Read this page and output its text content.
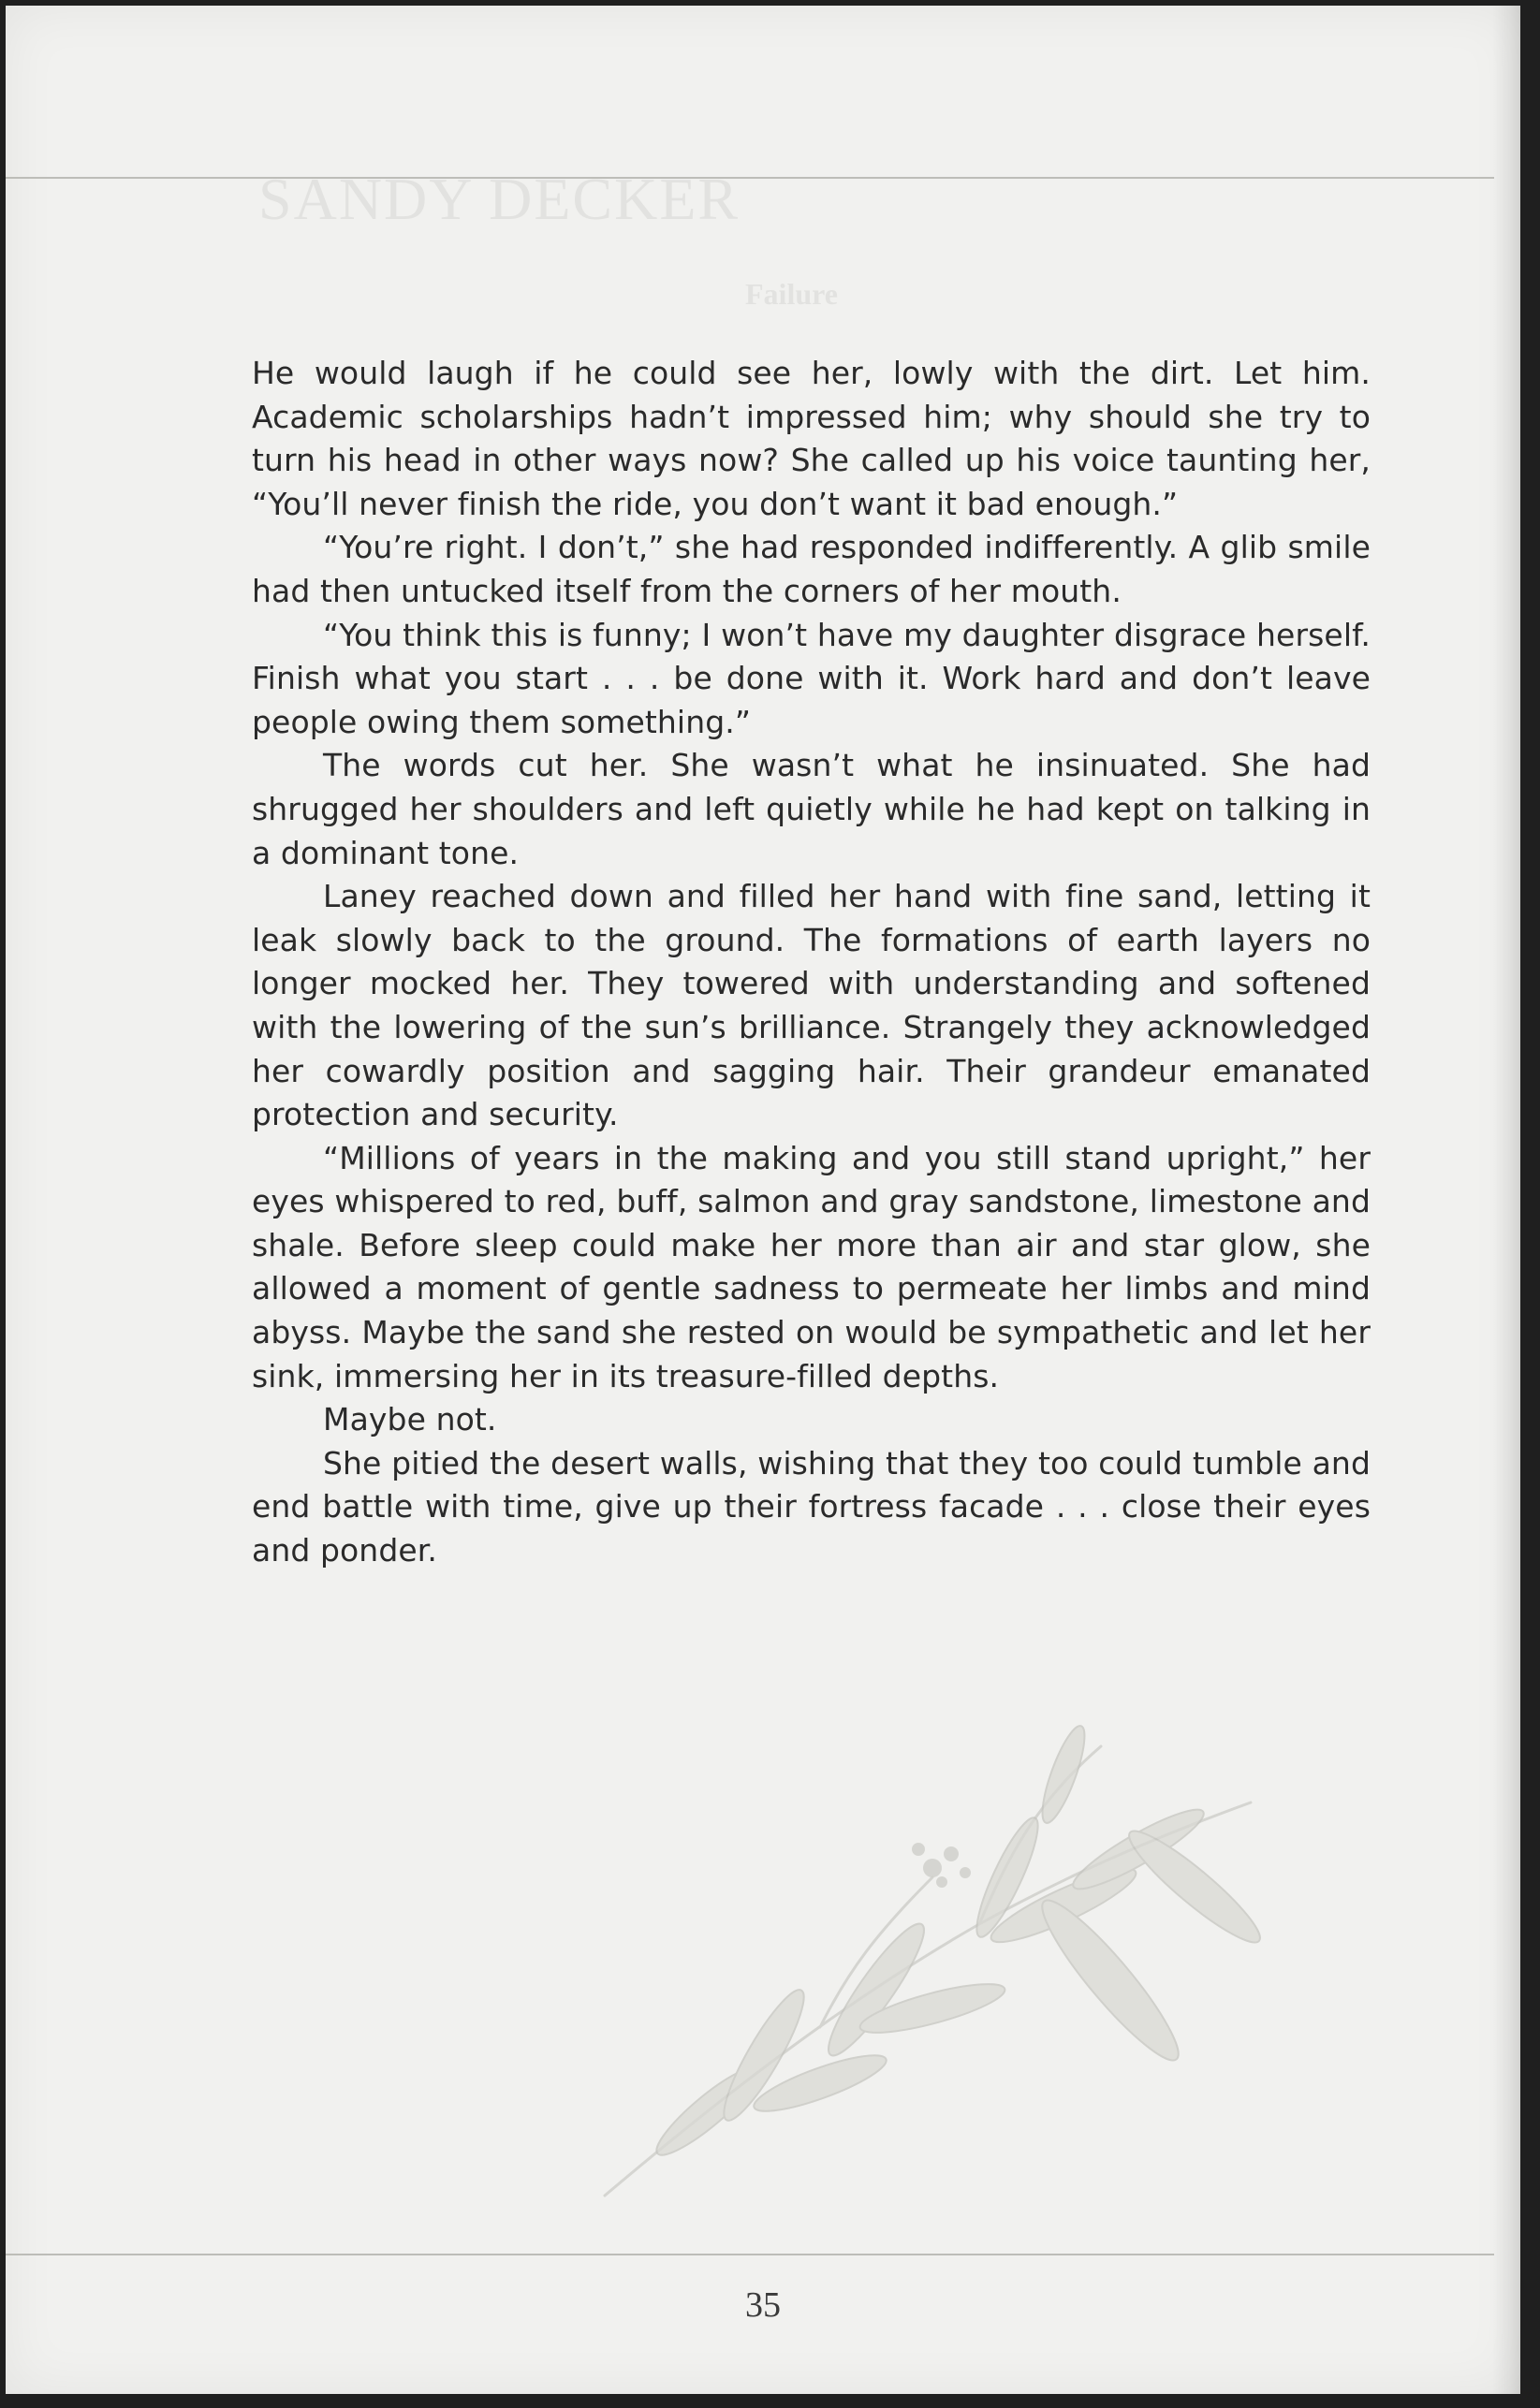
SANDY DECKER
Failure

He would laugh if he could see her, lowly with the dirt. Let him. Academic scholarships hadn’t impressed him; why should she try to turn his head in other ways now? She called up his voice taunting her, “You’ll never finish the ride, you don’t want it bad enough.”

“You’re right. I don’t,” she had responded indifferently. A glib smile had then untucked itself from the corners of her mouth.

“You think this is funny; I won’t have my daughter disgrace herself. Finish what you start . . . be done with it. Work hard and don’t leave people owing them something.”

The words cut her. She wasn’t what he insinuated. She had shrugged her shoulders and left quietly while he had kept on talking in a dominant tone.

Laney reached down and filled her hand with fine sand, letting it leak slowly back to the ground. The formations of earth layers no longer mocked her. They towered with understanding and softened with the lowering of the sun’s brilliance. Strangely they acknowledged her cowardly position and sagging hair. Their grandeur emanated protection and security.

“Millions of years in the making and you still stand upright,” her eyes whispered to red, buff, salmon and gray sandstone, limestone and shale. Before sleep could make her more than air and star glow, she allowed a moment of gentle sadness to permeate her limbs and mind abyss. Maybe the sand she rested on would be sympathetic and let her sink, immersing her in its treasure-filled depths.

Maybe not.

She pitied the desert walls, wishing that they too could tumble and end battle with time, give up their fortress facade . . . close their eyes and ponder.

35
